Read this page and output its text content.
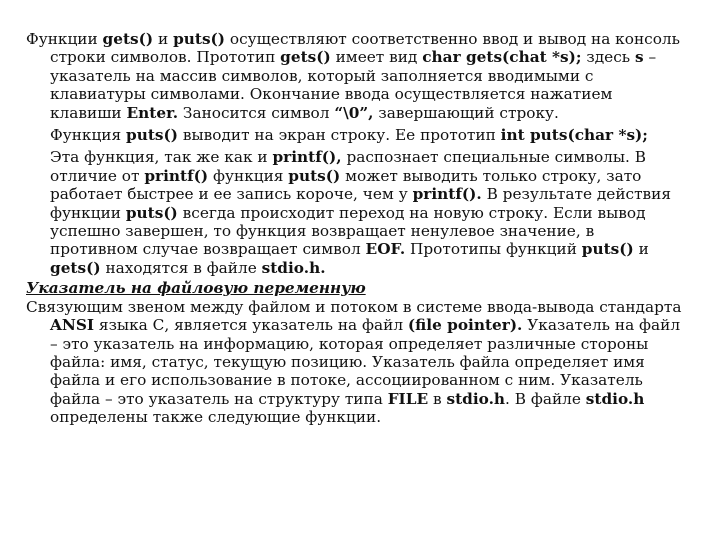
Функции gets() и puts() осуществляют соответственно ввод и вывод на консоль строки символов. Прототип gets() имеет вид char gets(chat *s); здесь s – указатель на массив символов, который заполняется вводимыми с клавиатуры символами. Окончание ввода осуществляется нажатием клавиши Enter. Заносится символ “\0”, завершающий строку.

Функция puts() выводит на экран строку. Ее прототип int puts(char *s);

Эта функция, так же как и printf(), распознает специальные символы. В отличие от printf() функция puts() может выводить только строку, зато работает быстрее и ее запись короче, чем у printf(). В результате действия функции puts() всегда происходит переход на новую строку. Если вывод успешно завершен, то функция возвращает ненулевое значение, в противном случае возвращает символ EOF. Прототипы функций puts() и gets() находятся в файле stdio.h.

Указатель на файловую переменную

Связующим звеном между файлом и потоком в системе ввода-вывода стандарта ANSI языка С, является указатель на файл (file pointer). Указатель на файл – это указатель на информацию, которая определяет различные стороны файла: имя, статус, текущую позицию. Указатель файла определяет имя файла и его использование в потоке, ассоциированном с ним. Указатель файла – это указатель на структуру типа FILE в stdio.h. В файле stdio.h определены также следующие функции.
